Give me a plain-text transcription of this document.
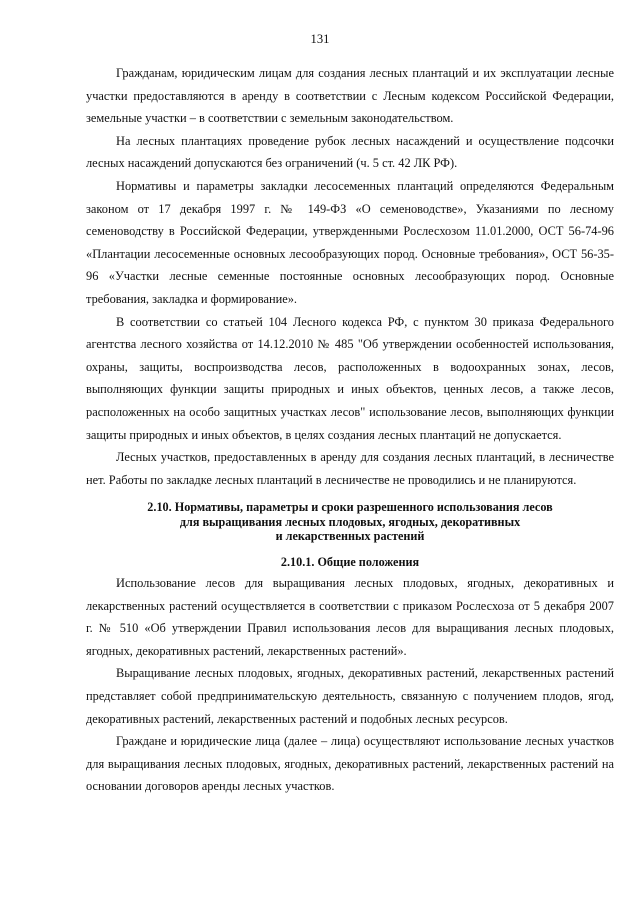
131

Гражданам, юридическим лицам для создания лесных плантаций и их эксплуатации лесные участки предоставляются в аренду в соответствии с Лесным кодексом Российской Федерации, земельные участки – в соответствии с земельным законодательством.

На лесных плантациях проведение рубок лесных насаждений и осуществление подсочки лесных насаждений допускаются без ограничений (ч. 5 ст. 42 ЛК РФ).

Нормативы и параметры закладки лесосеменных плантаций определяются Федеральным законом от 17 декабря 1997 г. № 149-ФЗ «О семеноводстве», Указаниями по лесному семеноводству в Российской Федерации, утвержденными Рослесхозом 11.01.2000, ОСТ 56-74-96 «Плантации лесосеменные основных лесообразующих пород. Основные требования», ОСТ 56-35-96 «Участки лесные семенные постоянные основных лесообразующих пород. Основные требования, закладка и формирование».

В соответствии со статьей 104 Лесного кодекса РФ, с пунктом 30 приказа Федерального агентства лесного хозяйства от 14.12.2010 № 485 "Об утверждении особенностей использования, охраны, защиты, воспроизводства лесов, расположенных в водоохранных зонах, лесов, выполняющих функции защиты природных и иных объектов, ценных лесов, а также лесов, расположенных на особо защитных участках лесов" использование лесов, выполняющих функции защиты природных и иных объектов, в целях создания лесных плантаций не допускается.

Лесных участков, предоставленных в аренду для создания лесных плантаций, в лесничестве нет. Работы по закладке лесных плантаций в лесничестве не проводились и не планируются.

2.10. Нормативы, параметры и сроки разрешенного использования лесов
для выращивания лесных плодовых, ягодных, декоративных
и лекарственных растений
2.10.1. Общие положения

Использование лесов для выращивания лесных плодовых, ягодных, декоративных и лекарственных растений осуществляется в соответствии с приказом Рослесхоза от 5 декабря 2007 г. № 510 «Об утверждении Правил использования лесов для выращивания лесных плодовых, ягодных, декоративных растений, лекарственных растений».

Выращивание лесных плодовых, ягодных, декоративных растений, лекарственных растений представляет собой предпринимательскую деятельность, связанную с получением плодов, ягод, декоративных растений, лекарственных растений и подобных лесных ресурсов.

Граждане и юридические лица (далее – лица) осуществляют использование лесных участков для выращивания лесных плодовых, ягодных, декоративных растений, лекарственных растений на основании договоров аренды лесных участков.
